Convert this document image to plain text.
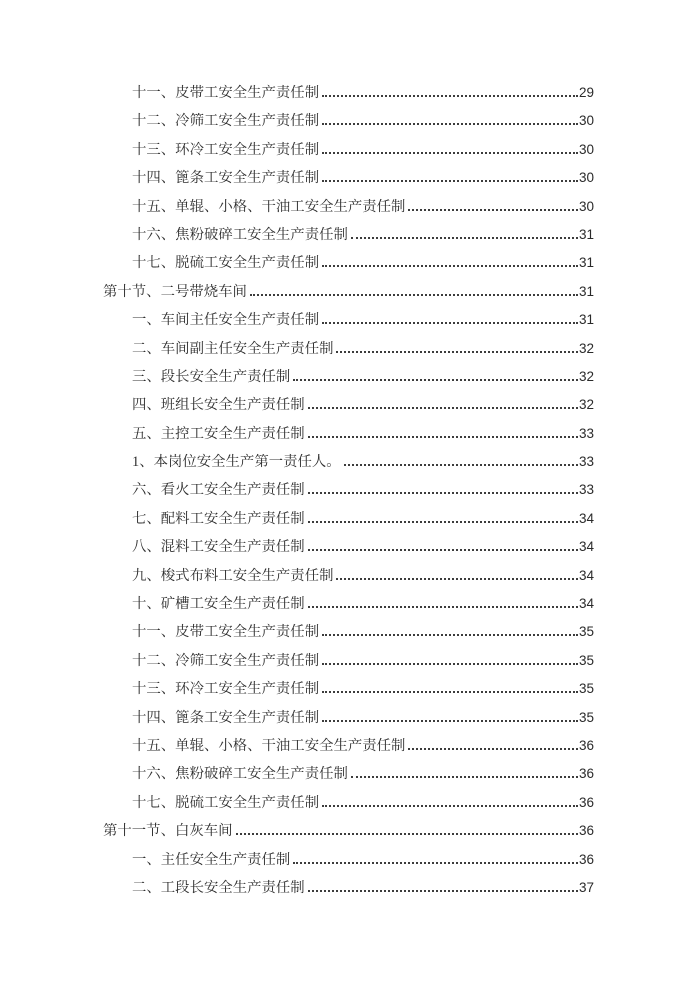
十一、皮带工安全生产责任制	29
十二、冷筛工安全生产责任制	30
十三、环冷工安全生产责任制	30
十四、篦条工安全生产责任制	30
十五、单辊、小格、干油工安全生产责任制	30
十六、焦粉破碎工安全生产责任制	31
十七、脱硫工安全生产责任制	31
第十节、二号带烧车间	31
一、车间主任安全生产责任制	31
二、车间副主任安全生产责任制	32
三、段长安全生产责任制	32
四、班组长安全生产责任制	32
五、主控工安全生产责任制	33
1、本岗位安全生产第一责任人。	33
六、看火工安全生产责任制	33
七、配料工安全生产责任制	34
八、混料工安全生产责任制	34
九、梭式布料工安全生产责任制	34
十、矿槽工安全生产责任制	34
十一、皮带工安全生产责任制	35
十二、冷筛工安全生产责任制	35
十三、环冷工安全生产责任制	35
十四、篦条工安全生产责任制	35
十五、单辊、小格、干油工安全生产责任制	36
十六、焦粉破碎工安全生产责任制	36
十七、脱硫工安全生产责任制	36
第十一节、白灰车间	36
一、主任安全生产责任制	36
二、工段长安全生产责任制	37
